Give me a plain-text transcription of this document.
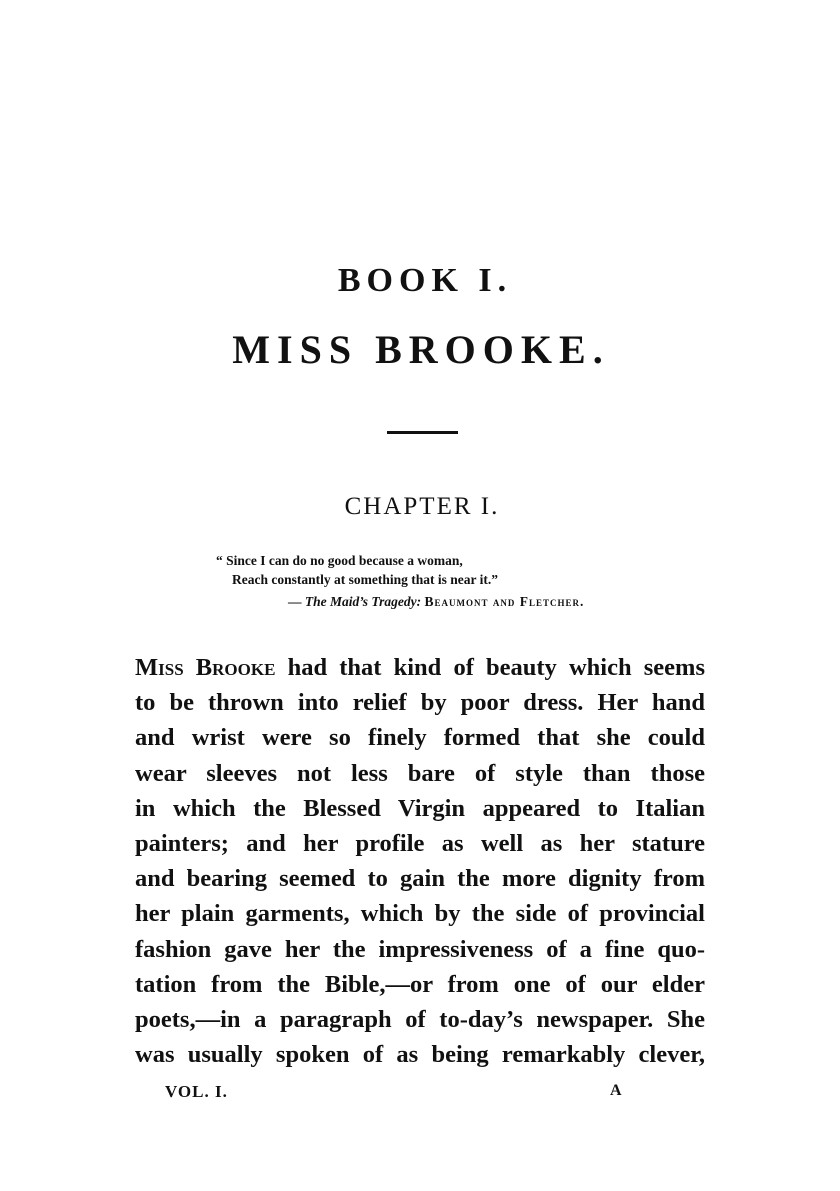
BOOK I.
MISS BROOKE.
CHAPTER I.
“ Since I can do no good because a woman,
Reach constantly at something that is near it.”
— The Maid’s Tragedy: Beaumont and Fletcher.

Miss Brooke had that kind of beauty which seems
to be thrown into relief by poor dress. Her hand
and wrist were so finely formed that she could
wear sleeves not less bare of style than those
in which the Blessed Virgin appeared to Italian
painters; and her profile as well as her stature
and bearing seemed to gain the more dignity from
her plain garments, which by the side of provincial
fashion gave her the impressiveness of a fine quo-
tation from the Bible,—or from one of our elder
poets,—in a paragraph of to-day’s newspaper. She
was usually spoken of as being remarkably clever,

VOL. I.	A
